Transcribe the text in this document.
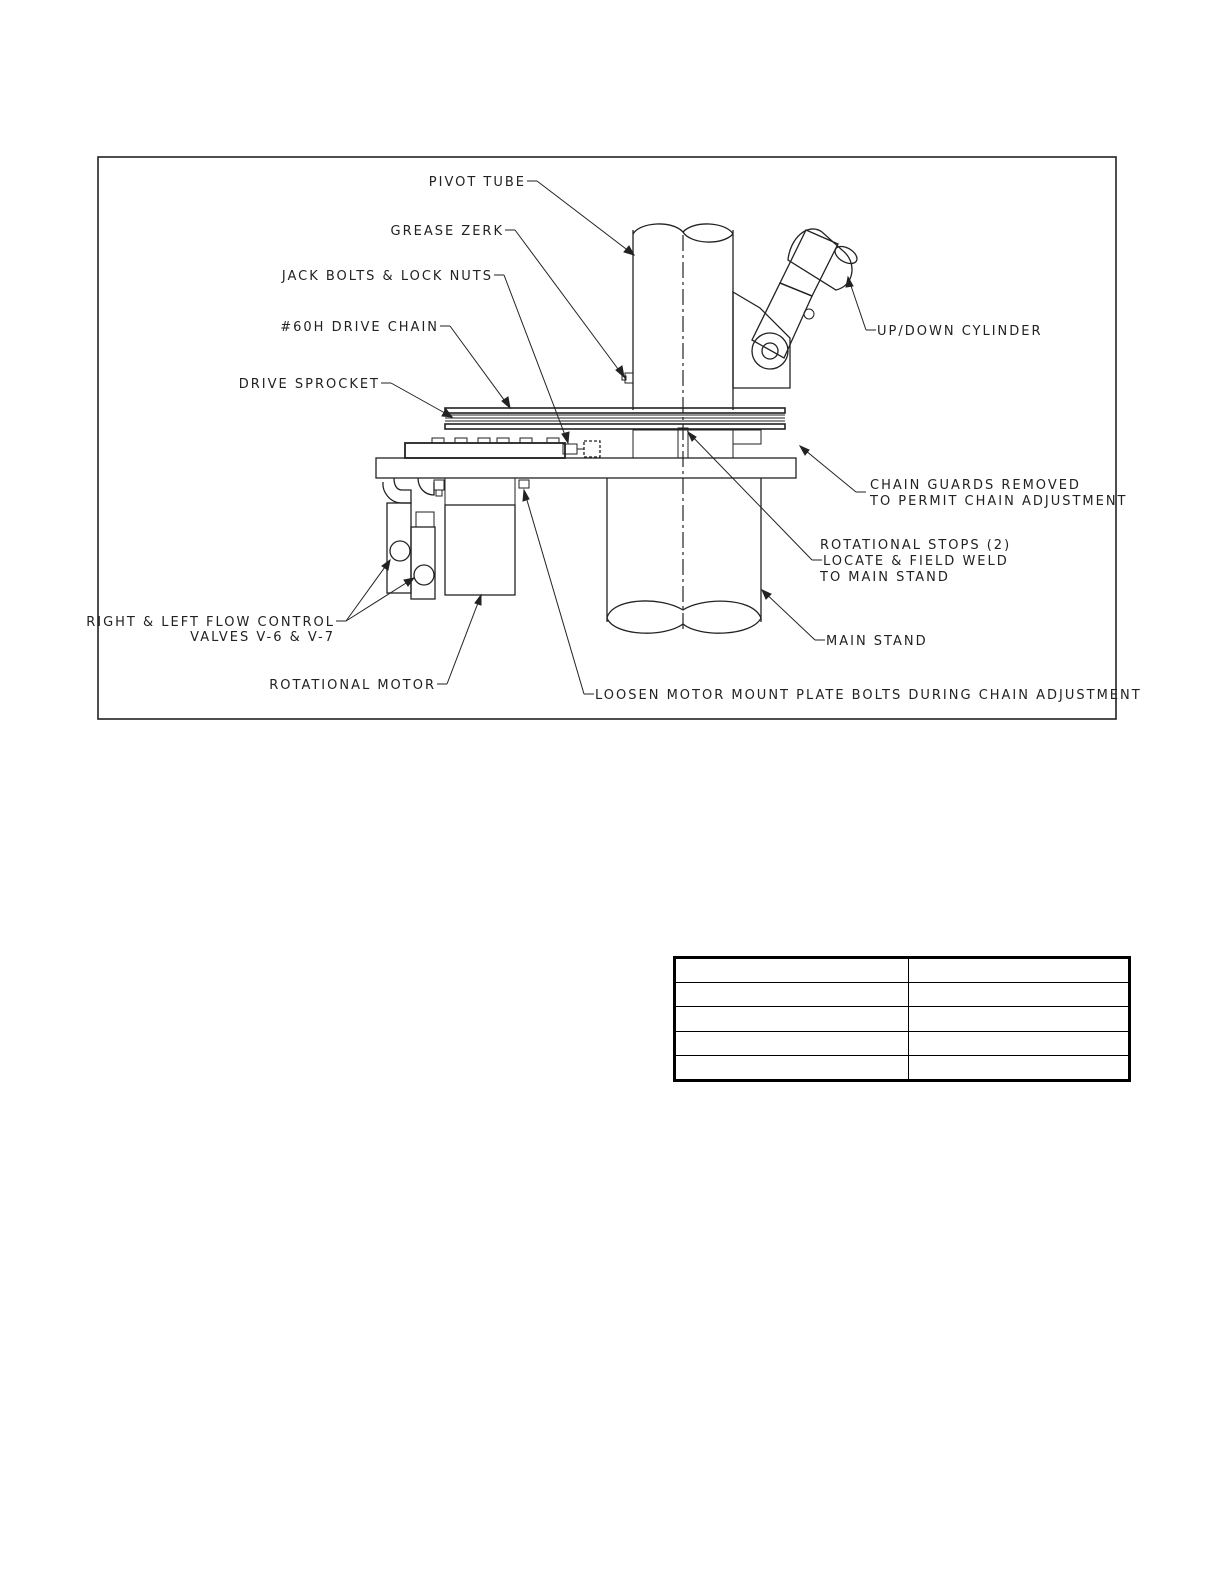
PIVOT TUBE
GREASE ZERK
JACK BOLTS & LOCK NUTS
#60H DRIVE CHAIN
DRIVE SPROCKET
UP/DOWN CYLINDER
CHAIN GUARDS REMOVED
TO PERMIT CHAIN ADJUSTMENT
ROTATIONAL STOPS (2)
LOCATE & FIELD WELD
TO MAIN STAND
RIGHT & LEFT FLOW CONTROL
VALVES V-6 & V-7	MAIN STAND
ROTATIONAL MOTOR
LOOSEN MOTOR MOUNT PLATE BOLTS DURING CHAIN ADJUSTMENT
